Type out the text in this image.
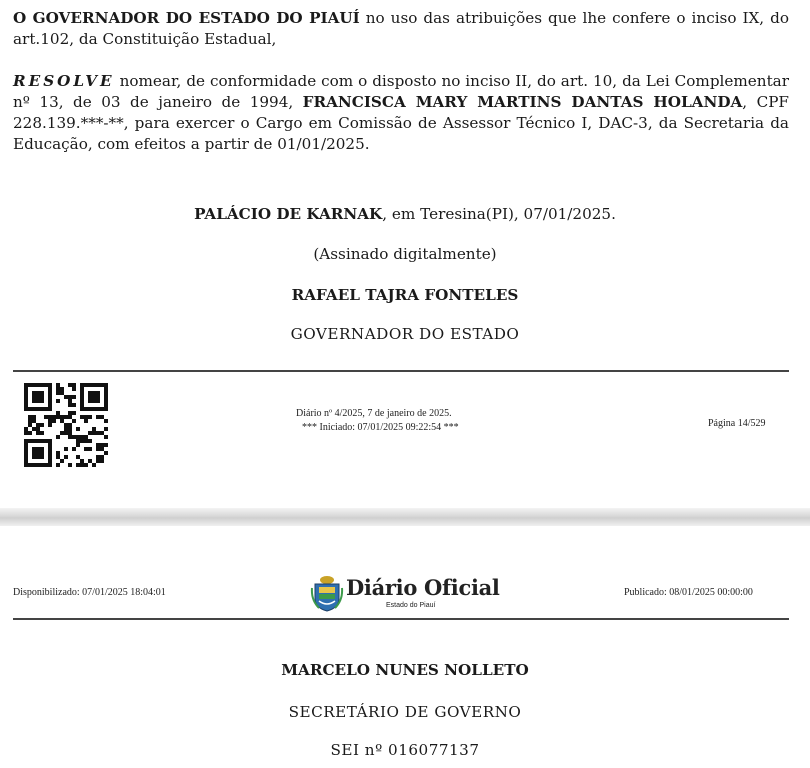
O GOVERNADOR DO ESTADO DO PIAUÍ no uso das atribuições que lhe confere o inciso IX, do art.102, da Constituição Estadual,

RESOLVE nomear, de conformidade com o disposto no inciso II, do art. 10, da Lei Complementar nº 13, de 03 de janeiro de 1994, FRANCISCA MARY MARTINS DANTAS HOLANDA, CPF 228.139.***-**, para exercer o Cargo em Comissão de Assessor Técnico I, DAC-3, da Secretaria da Educação, com efeitos a partir de 01/01/2025.

PALÁCIO DE KARNAK, em Teresina(PI), 07/01/2025.

(Assinado digitalmente)

RAFAEL TAJRA FONTELES

GOVERNADOR DO ESTADO

Diário nº 4/2025, 7 de janeiro de 2025.
*** Iniciado: 07/01/2025 09:22:54 ***	Página 14/529
Disponibilizado: 07/01/2025 18:04:01	Publicado: 08/01/2025 00:00:00
Diário Oficial
Estado do Piauí

MARCELO NUNES NOLLETO

SECRETÁRIO DE GOVERNO

SEI nº 016077137
